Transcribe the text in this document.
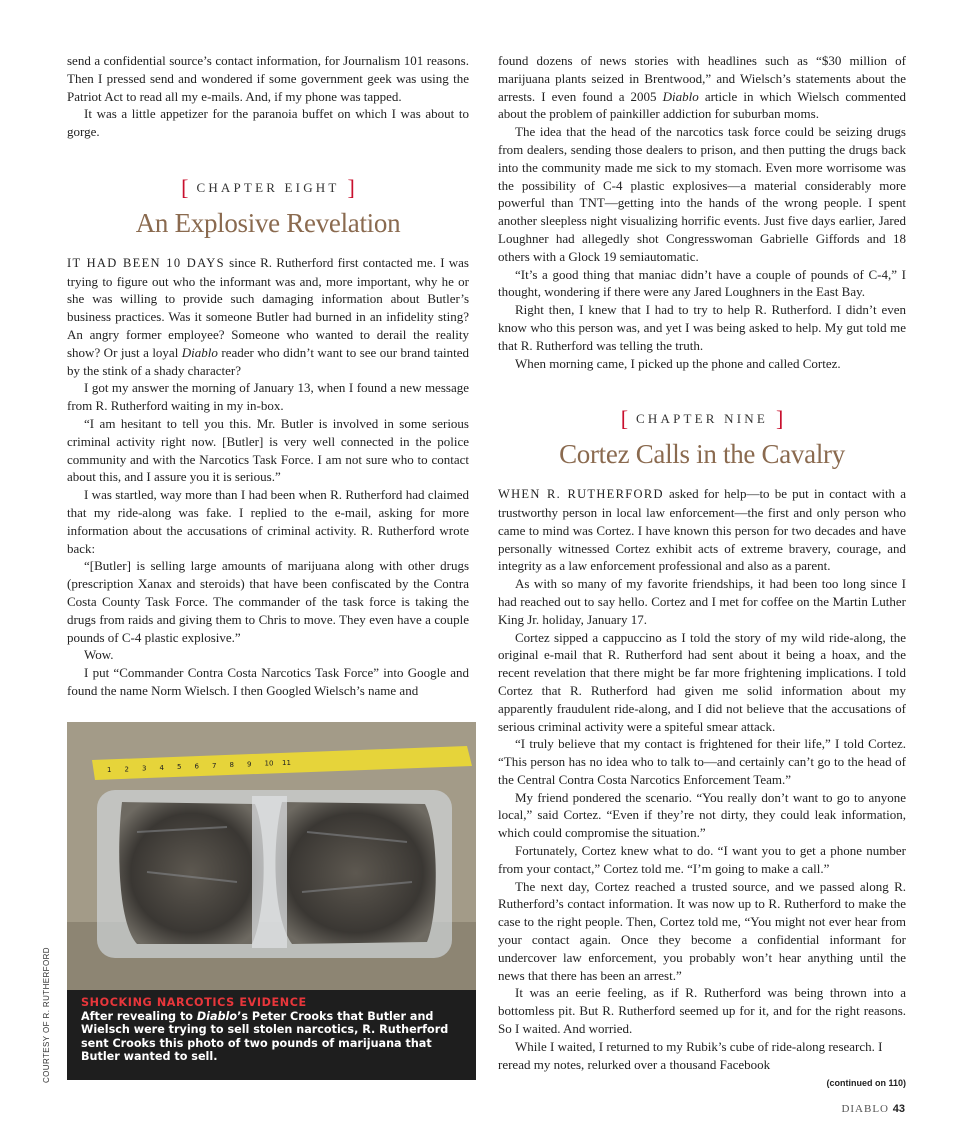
send a confidential source’s contact information, for Journalism 101 reasons. Then I pressed send and wondered if some government geek was using the Patriot Act to read all my e-mails. And, if my phone was tapped.

It was a little appetizer for the paranoia buffet on which I was about to gorge.

[ CHAPTER EIGHT ]
An Explosive Revelation

IT HAD BEEN 10 DAYS since R. Rutherford first contacted me. I was trying to figure out who the informant was and, more important, why he or she was willing to provide such damaging information about Butler’s business practices. Was it someone Butler had burned in an infidelity sting? An angry former employee? Someone who wanted to derail the reality show? Or just a loyal Diablo reader who didn’t want to see our brand tainted by the stink of a shady character?

I got my answer the morning of January 13, when I found a new message from R. Rutherford waiting in my in-box.

“I am hesitant to tell you this. Mr. Butler is involved in some serious criminal activity right now. [Butler] is very well connected in the police community and with the Narcotics Task Force. I am not sure who to contact about this, and I assure you it is serious.”

I was startled, way more than I had been when R. Rutherford had claimed that my ride-along was fake. I replied to the e-mail, asking for more information about the accusations of criminal activity. R. Rutherford wrote back:

“[Butler] is selling large amounts of marijuana along with other drugs (prescription Xanax and steroids) that have been confiscated by the Contra Costa County Task Force. The commander of the task force is taking the drugs from raids and giving them to Chris to move. They even have a couple pounds of C-4 plastic explosive.”

Wow.

I put “Commander Contra Costa Narcotics Task Force” into Google and found the name Norm Wielsch. I then Googled Wielsch’s name and

1 2 3 4 5 6 7 8 9 10 11
SHOCKING NARCOTICS EVIDENCE
After revealing to Diablo’s Peter Crooks that Butler and Wielsch were trying to sell stolen narcotics, R. Rutherford sent Crooks this photo of two pounds of marijuana that Butler wanted to sell.
COURTESY OF R. RUTHERFORD

found dozens of news stories with headlines such as “$30 million of marijuana plants seized in Brentwood,” and Wielsch’s statements about the arrests. I even found a 2005 Diablo article in which Wielsch commented about the problem of painkiller addiction for suburban moms.

The idea that the head of the narcotics task force could be seizing drugs from dealers, sending those dealers to prison, and then putting the drugs back into the community made me sick to my stomach. Even more worrisome was the possibility of C-4 plastic explosives—a material considerably more powerful than TNT—getting into the hands of the wrong people. I spent another sleepless night visualizing horrific events. Just five days earlier, Jared Loughner had allegedly shot Congresswoman Gabrielle Giffords and 18 others with a Glock 19 semiautomatic.

“It’s a good thing that maniac didn’t have a couple of pounds of C-4,” I thought, wondering if there were any Jared Loughners in the East Bay.

Right then, I knew that I had to try to help R. Rutherford. I didn’t even know who this person was, and yet I was being asked to help. My gut told me that R. Rutherford was telling the truth.

When morning came, I picked up the phone and called Cortez.

[ CHAPTER NINE ]
Cortez Calls in the Cavalry

WHEN R. RUTHERFORD asked for help—to be put in contact with a trustworthy person in local law enforcement—the first and only person who came to mind was Cortez. I have known this person for two decades and have personally witnessed Cortez exhibit acts of extreme bravery, courage, and integrity as a law enforcement professional and also as a parent.

As with so many of my favorite friendships, it had been too long since I had reached out to say hello. Cortez and I met for coffee on the Martin Luther King Jr. holiday, January 17.

Cortez sipped a cappuccino as I told the story of my wild ride-along, the original e-mail that R. Rutherford had sent about it being a hoax, and the recent revelation that there might be far more frightening implications. I told Cortez that R. Rutherford had given me solid information about my apparently fraudulent ride-along, and I did not believe that the accusations of serious criminal activity were a spiteful smear attack.

“I truly believe that my contact is frightened for their life,” I told Cortez. “This person has no idea who to talk to—and certainly can’t go to the head of the Central Contra Costa Narcotics Enforcement Team.”

My friend pondered the scenario. “You really don’t want to go to anyone local,” said Cortez. “Even if they’re not dirty, they could leak information, which could compromise the situation.”

Fortunately, Cortez knew what to do. “I want you to get a phone number from your contact,” Cortez told me. “I’m going to make a call.”

The next day, Cortez reached a trusted source, and we passed along R. Rutherford’s contact information. It was now up to R. Rutherford to make the case to the right people. Then, Cortez told me, “You might not ever hear from your contact again. Once they become a confidential informant for undercover law enforcement, you probably won’t hear anything until the news that there has been an arrest.”

It was an eerie feeling, as if R. Rutherford was being thrown into a bottomless pit. But R. Rutherford seemed up for it, and for the right reasons. So I waited. And worried.

While I waited, I returned to my Rubik’s cube of ride-along research. I reread my notes, relurked over a thousand Facebook

(continued on 110)

DIABLO 43
